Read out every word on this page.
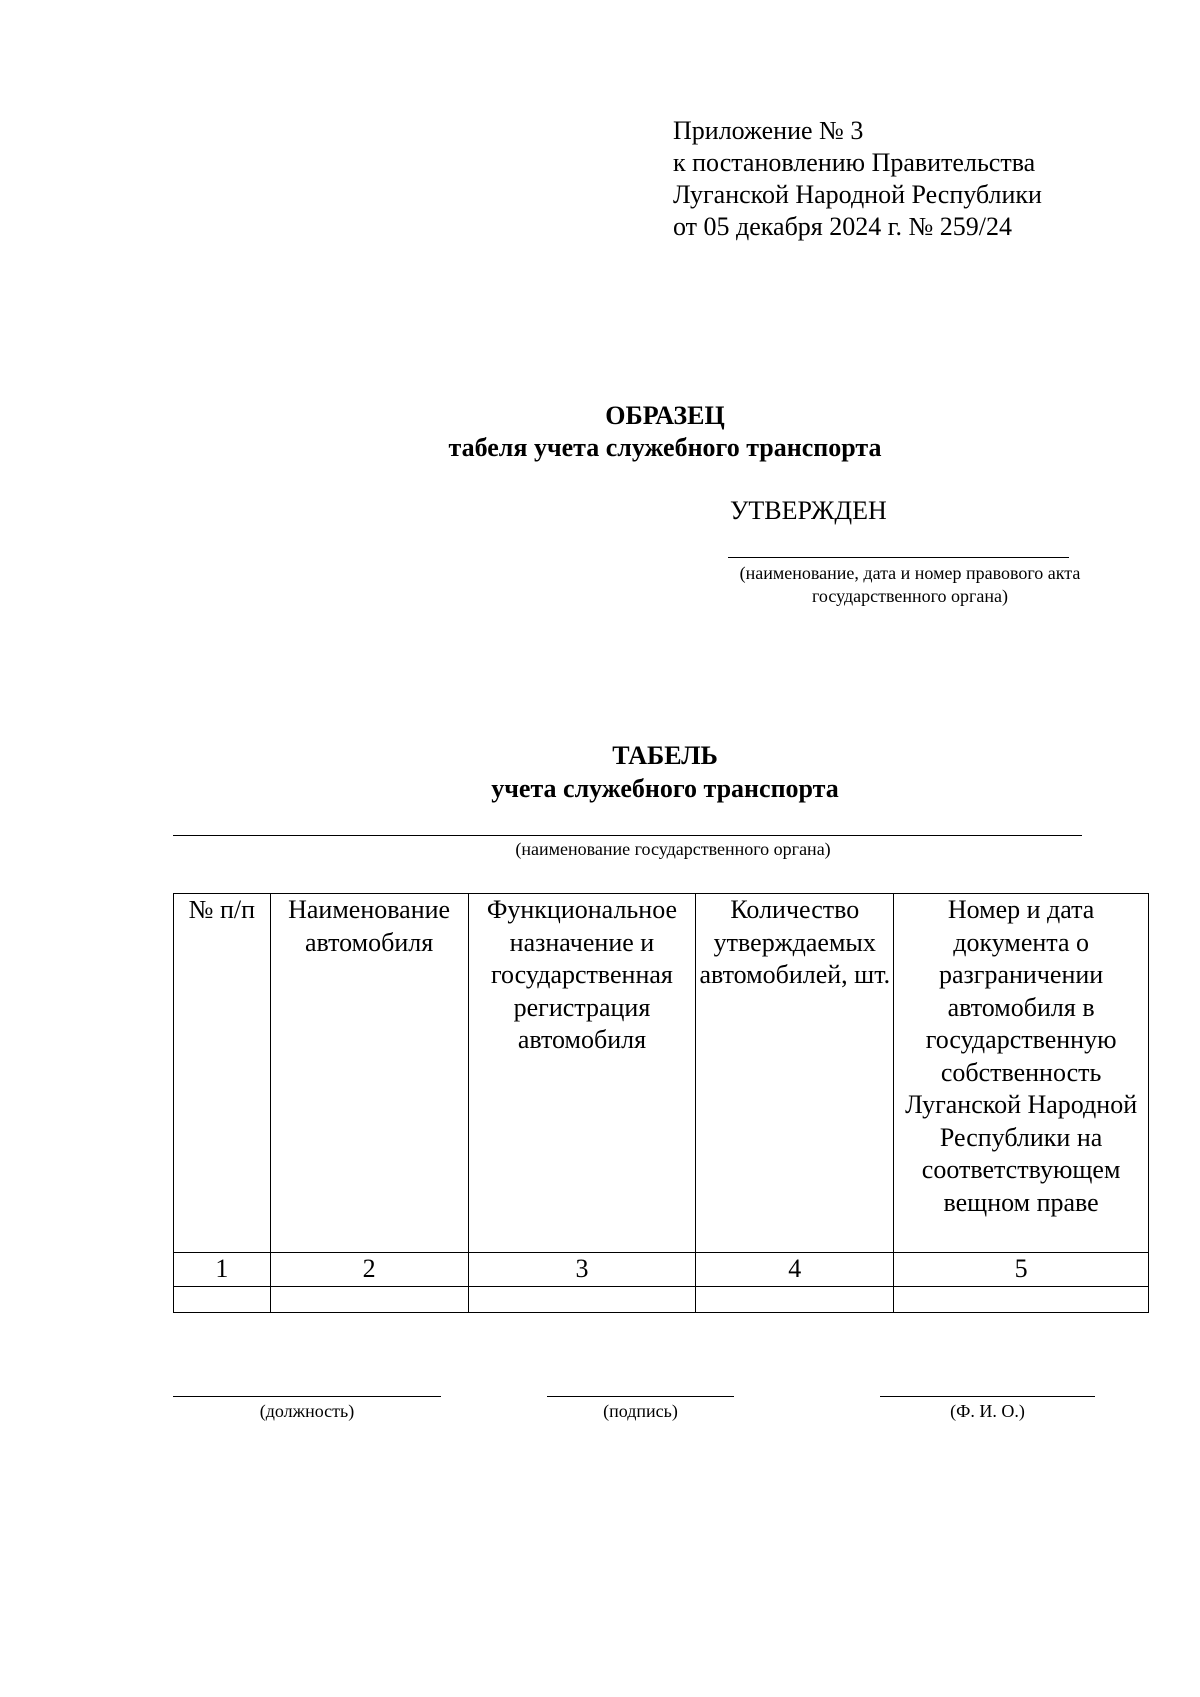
Приложение № 3
к постановлению Правительства
Луганской Народной Республики
от 05 декабря 2024 г. № 259/24
ОБРАЗЕЦ
табеля учета служебного транспорта
УТВЕРЖДЕН
(наименование, дата и номер правового акта
государственного органа)
ТАБЕЛЬ
учета служебного транспорта
(наименование государственного органа)
№ п/п	Наименование автомобиля	Функциональное назначение и государственная регистрация автомобиля	Количество утверждаемых автомобилей, шт.	Номер и дата документа о разграничении автомобиля в государственную собственность Луганской Народной Республики на соответствующем вещном праве
1	2	3	4	5

(должность)	(подпись)	(Ф. И. О.)
